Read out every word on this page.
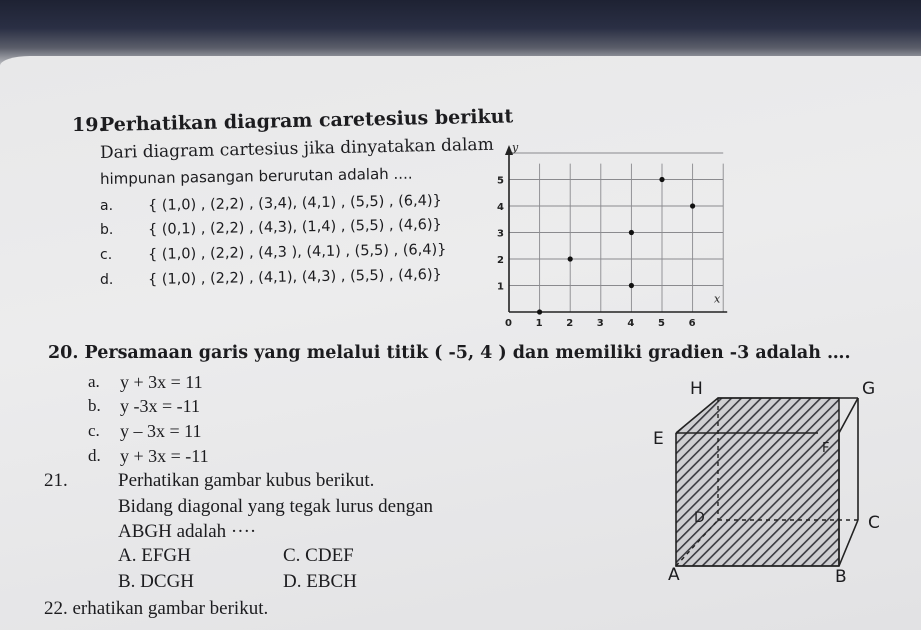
19.
Perhatikan diagram caretesius berikut
Dari diagram cartesius jika dinyatakan dalam
himpunan pasangan berurutan adalah ....
a. { (1,0) , (2,2) , (3,4), (4,1) , (5,5) , (6,4)}
b. { (0,1) , (2,2) , (4,3), (1,4) , (5,5) , (4,6)}
c. { (1,0) , (2,2) , (4,3 ), (4,1) , (5,5) , (6,4)}
d. { (1,0) , (2,2) , (4,1), (4,3) , (5,5) , (4,6)}
x
y
0 1 2 3 4 5 6
1
2
3
4
5
20. Persamaan garis yang melalui titik ( -5, 4 ) dan memiliki gradien -3 adalah ….
a. y + 3x = 11
b. y -3x = -11
c. y – 3x = 11
d. y + 3x = -11
21.	Perhatikan gambar kubus berikut.
Bidang diagonal yang tegak lurus dengan
ABGH adalah ····
A. EFGH	C. CDEF
B. DCGH	D. EBCH
H	G
E	F
D	C
A	B
22. erhatikan gambar berikut.
